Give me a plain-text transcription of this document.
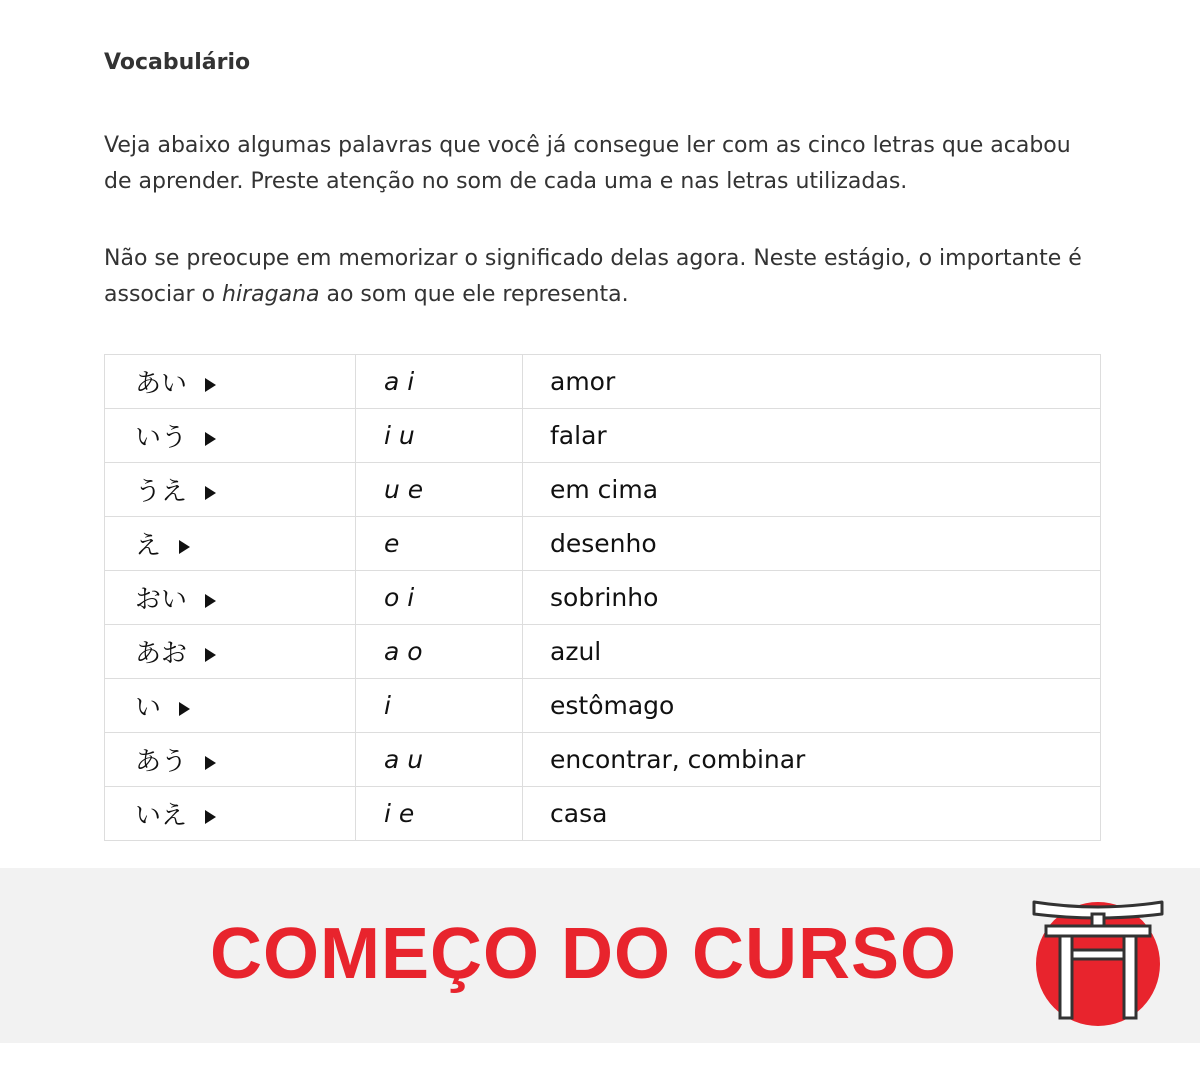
Vocabulário

Veja abaixo algumas palavras que você já consegue ler com as cinco letras que acabou de aprender. Preste atenção no som de cada uma e nas letras utilizadas.

Não se preocupe em memorizar o significado delas agora. Neste estágio, o importante é associar o hiragana ao som que ele representa.

あい	a i	amor
いう	i u	falar
うえ	u e	em cima
え	e	desenho
おい	o i	sobrinho
あお	a o	azul
い	i	estômago
あう	a u	encontrar, combinar
いえ	i e	casa
COMEÇO DO CURSO
